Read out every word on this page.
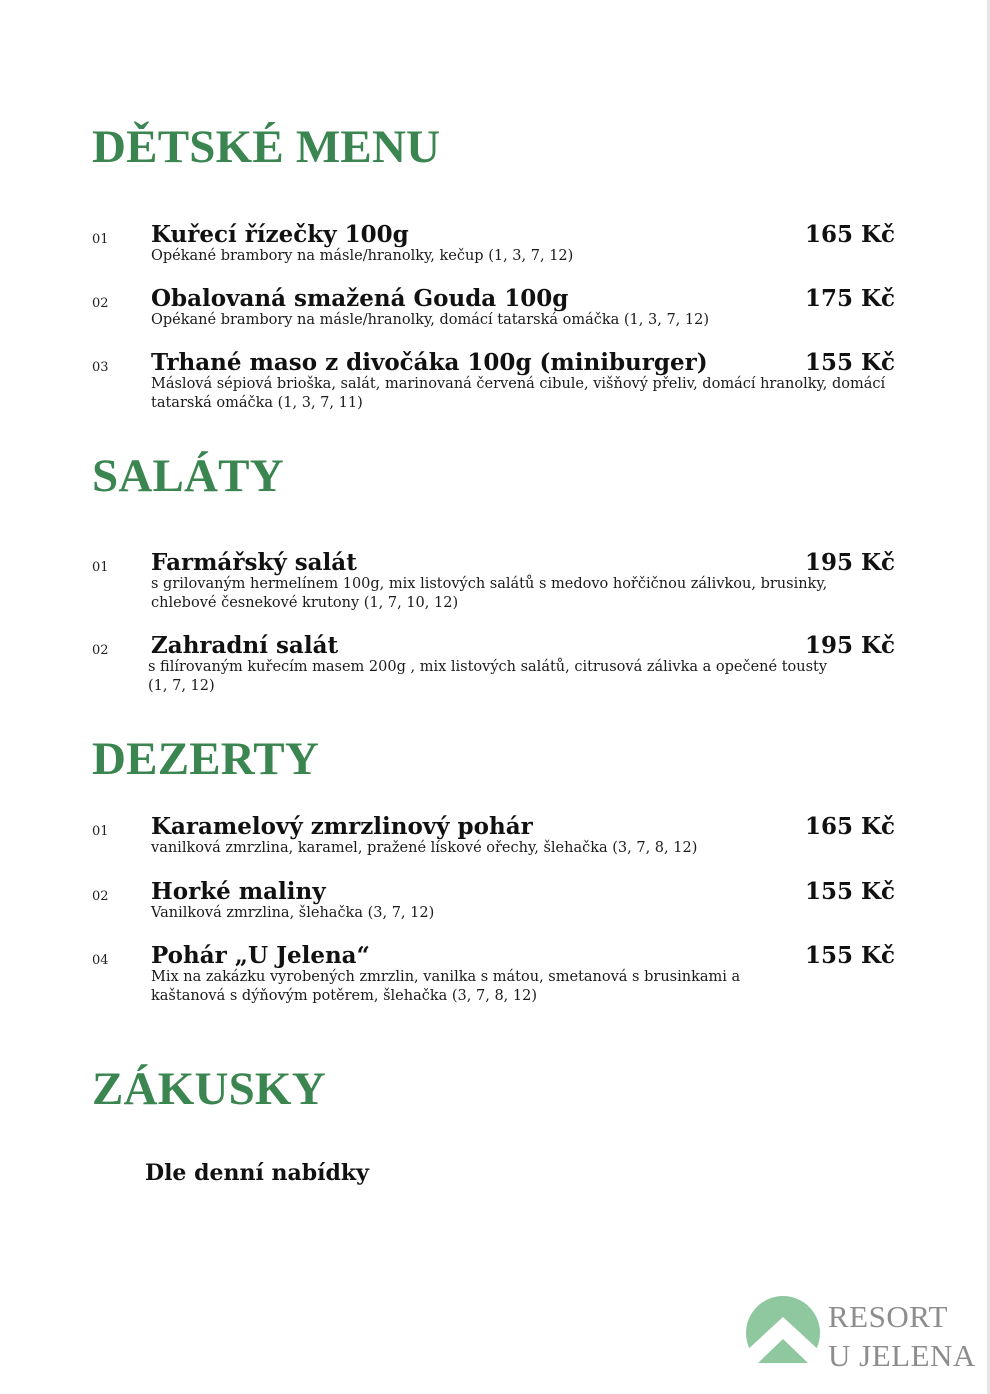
DĚTSKÉ MENU
01 Kuřecí řízečky 100g	165 Kč
Opékané brambory na másle/hranolky, kečup (1, 3, 7, 12)
02 Obalovaná smažená Gouda 100g	175 Kč
Opékané brambory na másle/hranolky, domácí tatarská omáčka (1, 3, 7, 12)
03 Trhané maso z divočáka 100g (miniburger)	155 Kč
Máslová sépiová brioška, salát, marinovaná červená cibule, višňový přeliv, domácí hranolky, domácí tatarská omáčka (1, 3, 7, 11)
SALÁTY
01 Farmářský salát	195 Kč
s grilovaným hermelínem 100g, mix listových salátů s medovo hořčičnou zálivkou, brusinky, chlebové česnekové krutony (1, 7, 10, 12)
02 Zahradní salát	195 Kč
s filírovaným kuřecím masem 200g , mix listových salátů, citrusová zálivka a opečené tousty (1, 7, 12)
DEZERTY
01 Karamelový zmrzlinový pohár	165 Kč
vanilková zmrzlina, karamel, pražené lískové ořechy, šlehačka (3, 7, 8, 12)
02 Horké maliny	155 Kč
Vanilková zmrzlina, šlehačka (3, 7, 12)
04 Pohár „U Jelena“	155 Kč
Mix na zakázku vyrobených zmrzlin, vanilka s mátou, smetanová s brusinkami a kaštanová s dýňovým potěrem, šlehačka (3, 7, 8, 12)
ZÁKUSKY
Dle denní nabídky
RESORT
U JELENA
